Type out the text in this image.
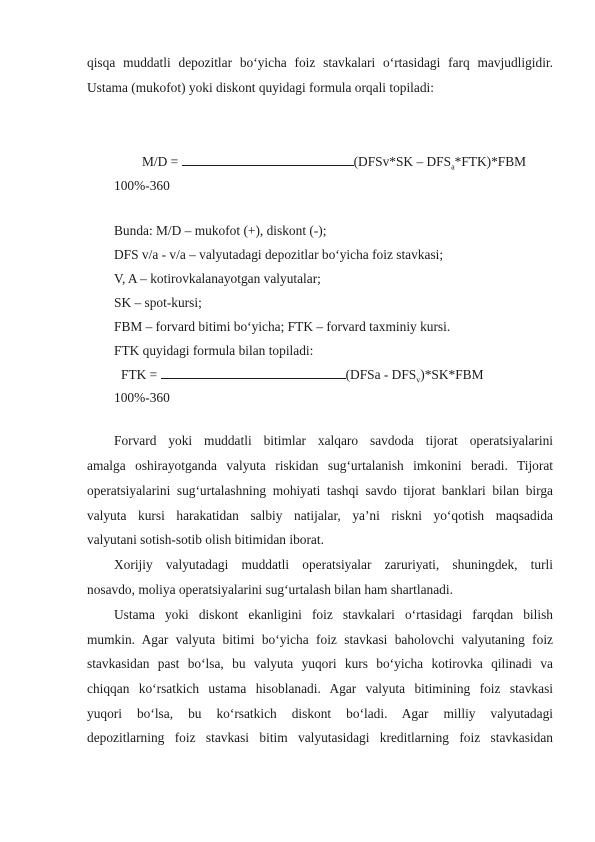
qisqa muddatli depozitlar bo‘yicha foiz stavkalari o‘rtasidagi farq mavjudligidir.
Ustama (mukofot) yoki diskont quyidagi formula orqali topiladi:
M/D =	(DFSv*SK – $DFS_a*FTK)*FBM$
100%-360
Bunda: M/D – mukofot (+), diskont (-);
DFS v/a - v/a – valyutadagi depozitlar bo‘yicha foiz stavkasi;
V, A – kotirovkalanayotgan valyutalar;
SK – spot-kursi;
FBM – forvard bitimi bo‘yicha; FTK – forvard taxminiy kursi.
FTK quyidagi formula bilan topiladi:
FTK =	(DFSa - $DFS_v)*SK*FBM$
100%-360
Forvard yoki muddatli bitimlar xalqaro savdoda tijorat operatsiyalarini
amalga oshirayotganda valyuta riskidan sug‘urtalanish imkonini beradi. Tijorat
operatsiyalarini sug‘urtalashning mohiyati tashqi savdo tijorat banklari bilan birga
valyuta kursi harakatidan salbiy natijalar, ya’ni riskni yo‘qotish maqsadida
valyutani sotish-sotib olish bitimidan iborat.
Xorijiy valyutadagi muddatli operatsiyalar zaruriyati, shuningdek, turli
nosavdo, moliya operatsiyalarini sug‘urtalash bilan ham shartlanadi.
Ustama yoki diskont ekanligini foiz stavkalari o‘rtasidagi farqdan bilish
mumkin. Agar valyuta bitimi bo‘yicha foiz stavkasi baholovchi valyutaning foiz
stavkasidan past bo‘lsa, bu valyuta yuqori kurs bo‘yicha kotirovka qilinadi va
chiqqan ko‘rsatkich ustama hisoblanadi. Agar valyuta bitimining foiz stavkasi
yuqori bo‘lsa, bu ko‘rsatkich diskont bo‘ladi. Agar milliy valyutadagi
depozitlarning foiz stavkasi bitim valyutasidagi kreditlarning foiz stavkasidan
